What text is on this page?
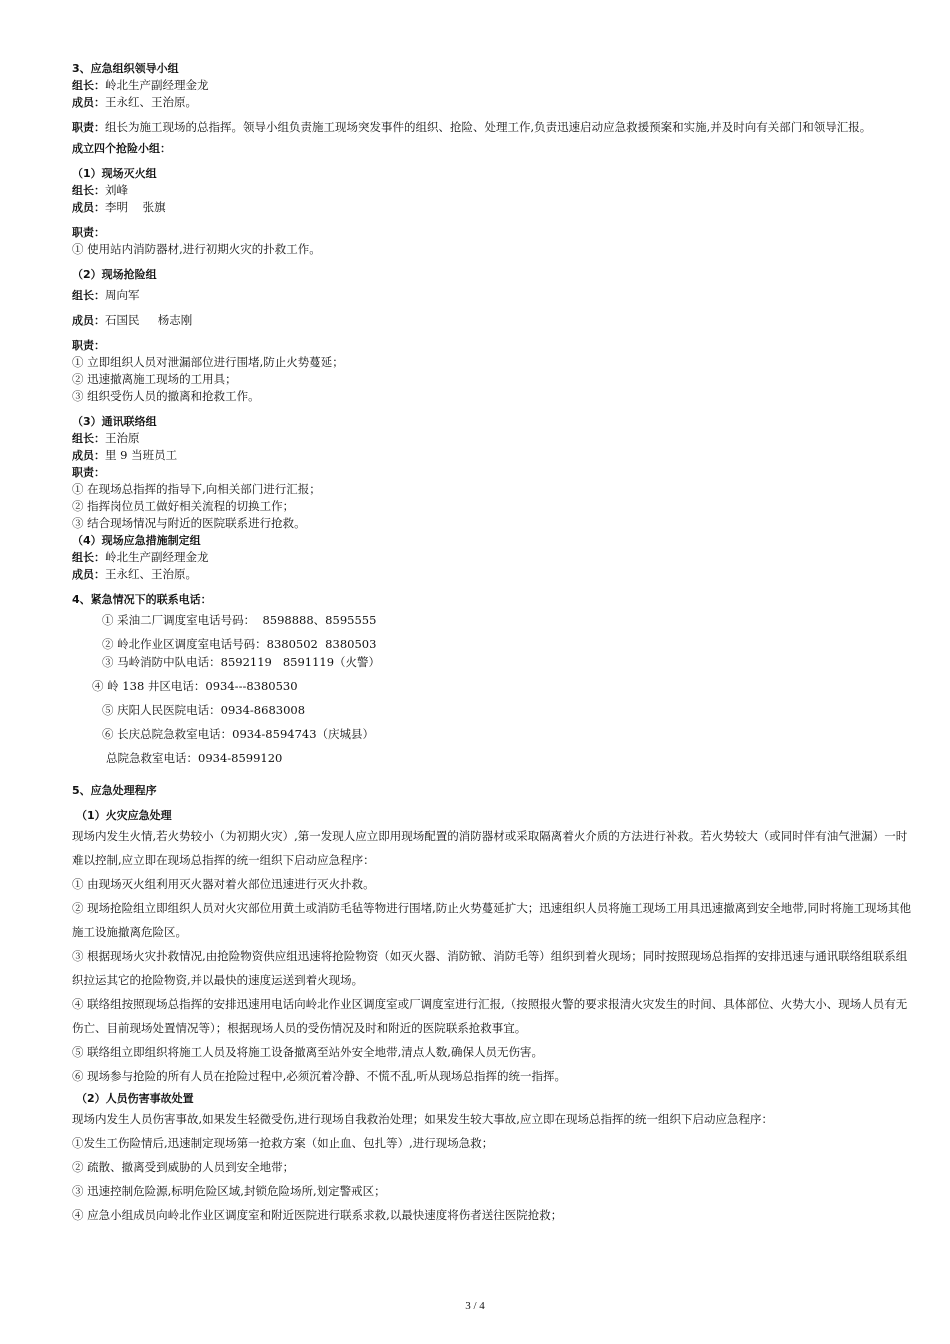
3、应急组织领导小组
组长：岭北生产副经理金龙
成员：王永红、王治原。
职责：组长为施工现场的总指挥。领导小组负责施工现场突发事件的组织、抢险、处理工作,负责迅速启动应急救援预案和实施,并及时向有关部门和领导汇报。
成立四个抢险小组：
（1）现场灭火组
组长：刘峰
成员：李明    张旗
职责：
① 使用站内消防器材,进行初期火灾的扑救工作。
（2）现场抢险组
组长：周向军
成员：石国民     杨志刚
职责：
① 立即组织人员对泄漏部位进行围堵,防止火势蔓延；
② 迅速撤离施工现场的工用具；
③ 组织受伤人员的撤离和抢救工作。
（3）通讯联络组
组长：王治原
成员：里 9 当班员工
职责：
① 在现场总指挥的指导下,向相关部门进行汇报；
② 指挥岗位员工做好相关流程的切换工作；
③ 结合现场情况与附近的医院联系进行抢救。
（4）现场应急措施制定组
组长：岭北生产副经理金龙
成员：王永红、王治原。
4、紧急情况下的联系电话：
① 采油二厂调度室电话号码：  8598888、8595555
② 岭北作业区调度室电话号码：8380502  8380503
③ 马岭消防中队电话：8592119   8591119（火警）
④ 岭 138 井区电话：0934---8380530
⑤ 庆阳人民医院电话：0934-8683008
⑥ 长庆总院急救室电话：0934-8594743（庆城县）
总院急救室电话：0934-8599120
5、应急处理程序
（1）火灾应急处理
现场内发生火情,若火势较小（为初期火灾）,第一发现人应立即用现场配置的消防器材或采取隔离着火介质的方法进行补救。若火势较大（或同时伴有油气泄漏）一时难以控制,应立即在现场总指挥的统一组织下启动应急程序：
① 由现场灭火组利用灭火器对着火部位迅速进行灭火扑救。
② 现场抢险组立即组织人员对火灾部位用黄土或消防毛毡等物进行围堵,防止火势蔓延扩大；迅速组织人员将施工现场工用具迅速撤离到安全地带,同时将施工现场其他施工设施撤离危险区。
③ 根据现场火灾扑救情况,由抢险物资供应组迅速将抢险物资（如灭火器、消防锨、消防毛等）组织到着火现场；同时按照现场总指挥的安排迅速与通讯联络组联系组织拉运其它的抢险物资,并以最快的速度运送到着火现场。
④ 联络组按照现场总指挥的安排迅速用电话向岭北作业区调度室或厂调度室进行汇报,（按照报火警的要求报清火灾发生的时间、具体部位、火势大小、现场人员有无伤亡、目前现场处置情况等）；根据现场人员的受伤情况及时和附近的医院联系抢救事宜。
⑤ 联络组立即组织将施工人员及将施工设备撤离至站外安全地带,清点人数,确保人员无伤害。
⑥ 现场参与抢险的所有人员在抢险过程中,必须沉着冷静、不慌不乱,听从现场总指挥的统一指挥。
（2）人员伤害事故处置
现场内发生人员伤害事故,如果发生轻微受伤,进行现场自我救治处理；如果发生较大事故,应立即在现场总指挥的统一组织下启动应急程序：
①发生工伤险情后,迅速制定现场第一抢救方案（如止血、包扎等）,进行现场急救；
② 疏散、撤离受到威胁的人员到安全地带；
③ 迅速控制危险源,标明危险区域,封锁危险场所,划定警戒区；
④ 应急小组成员向岭北作业区调度室和附近医院进行联系求救,以最快速度将伤者送往医院抢救；
3 / 4
